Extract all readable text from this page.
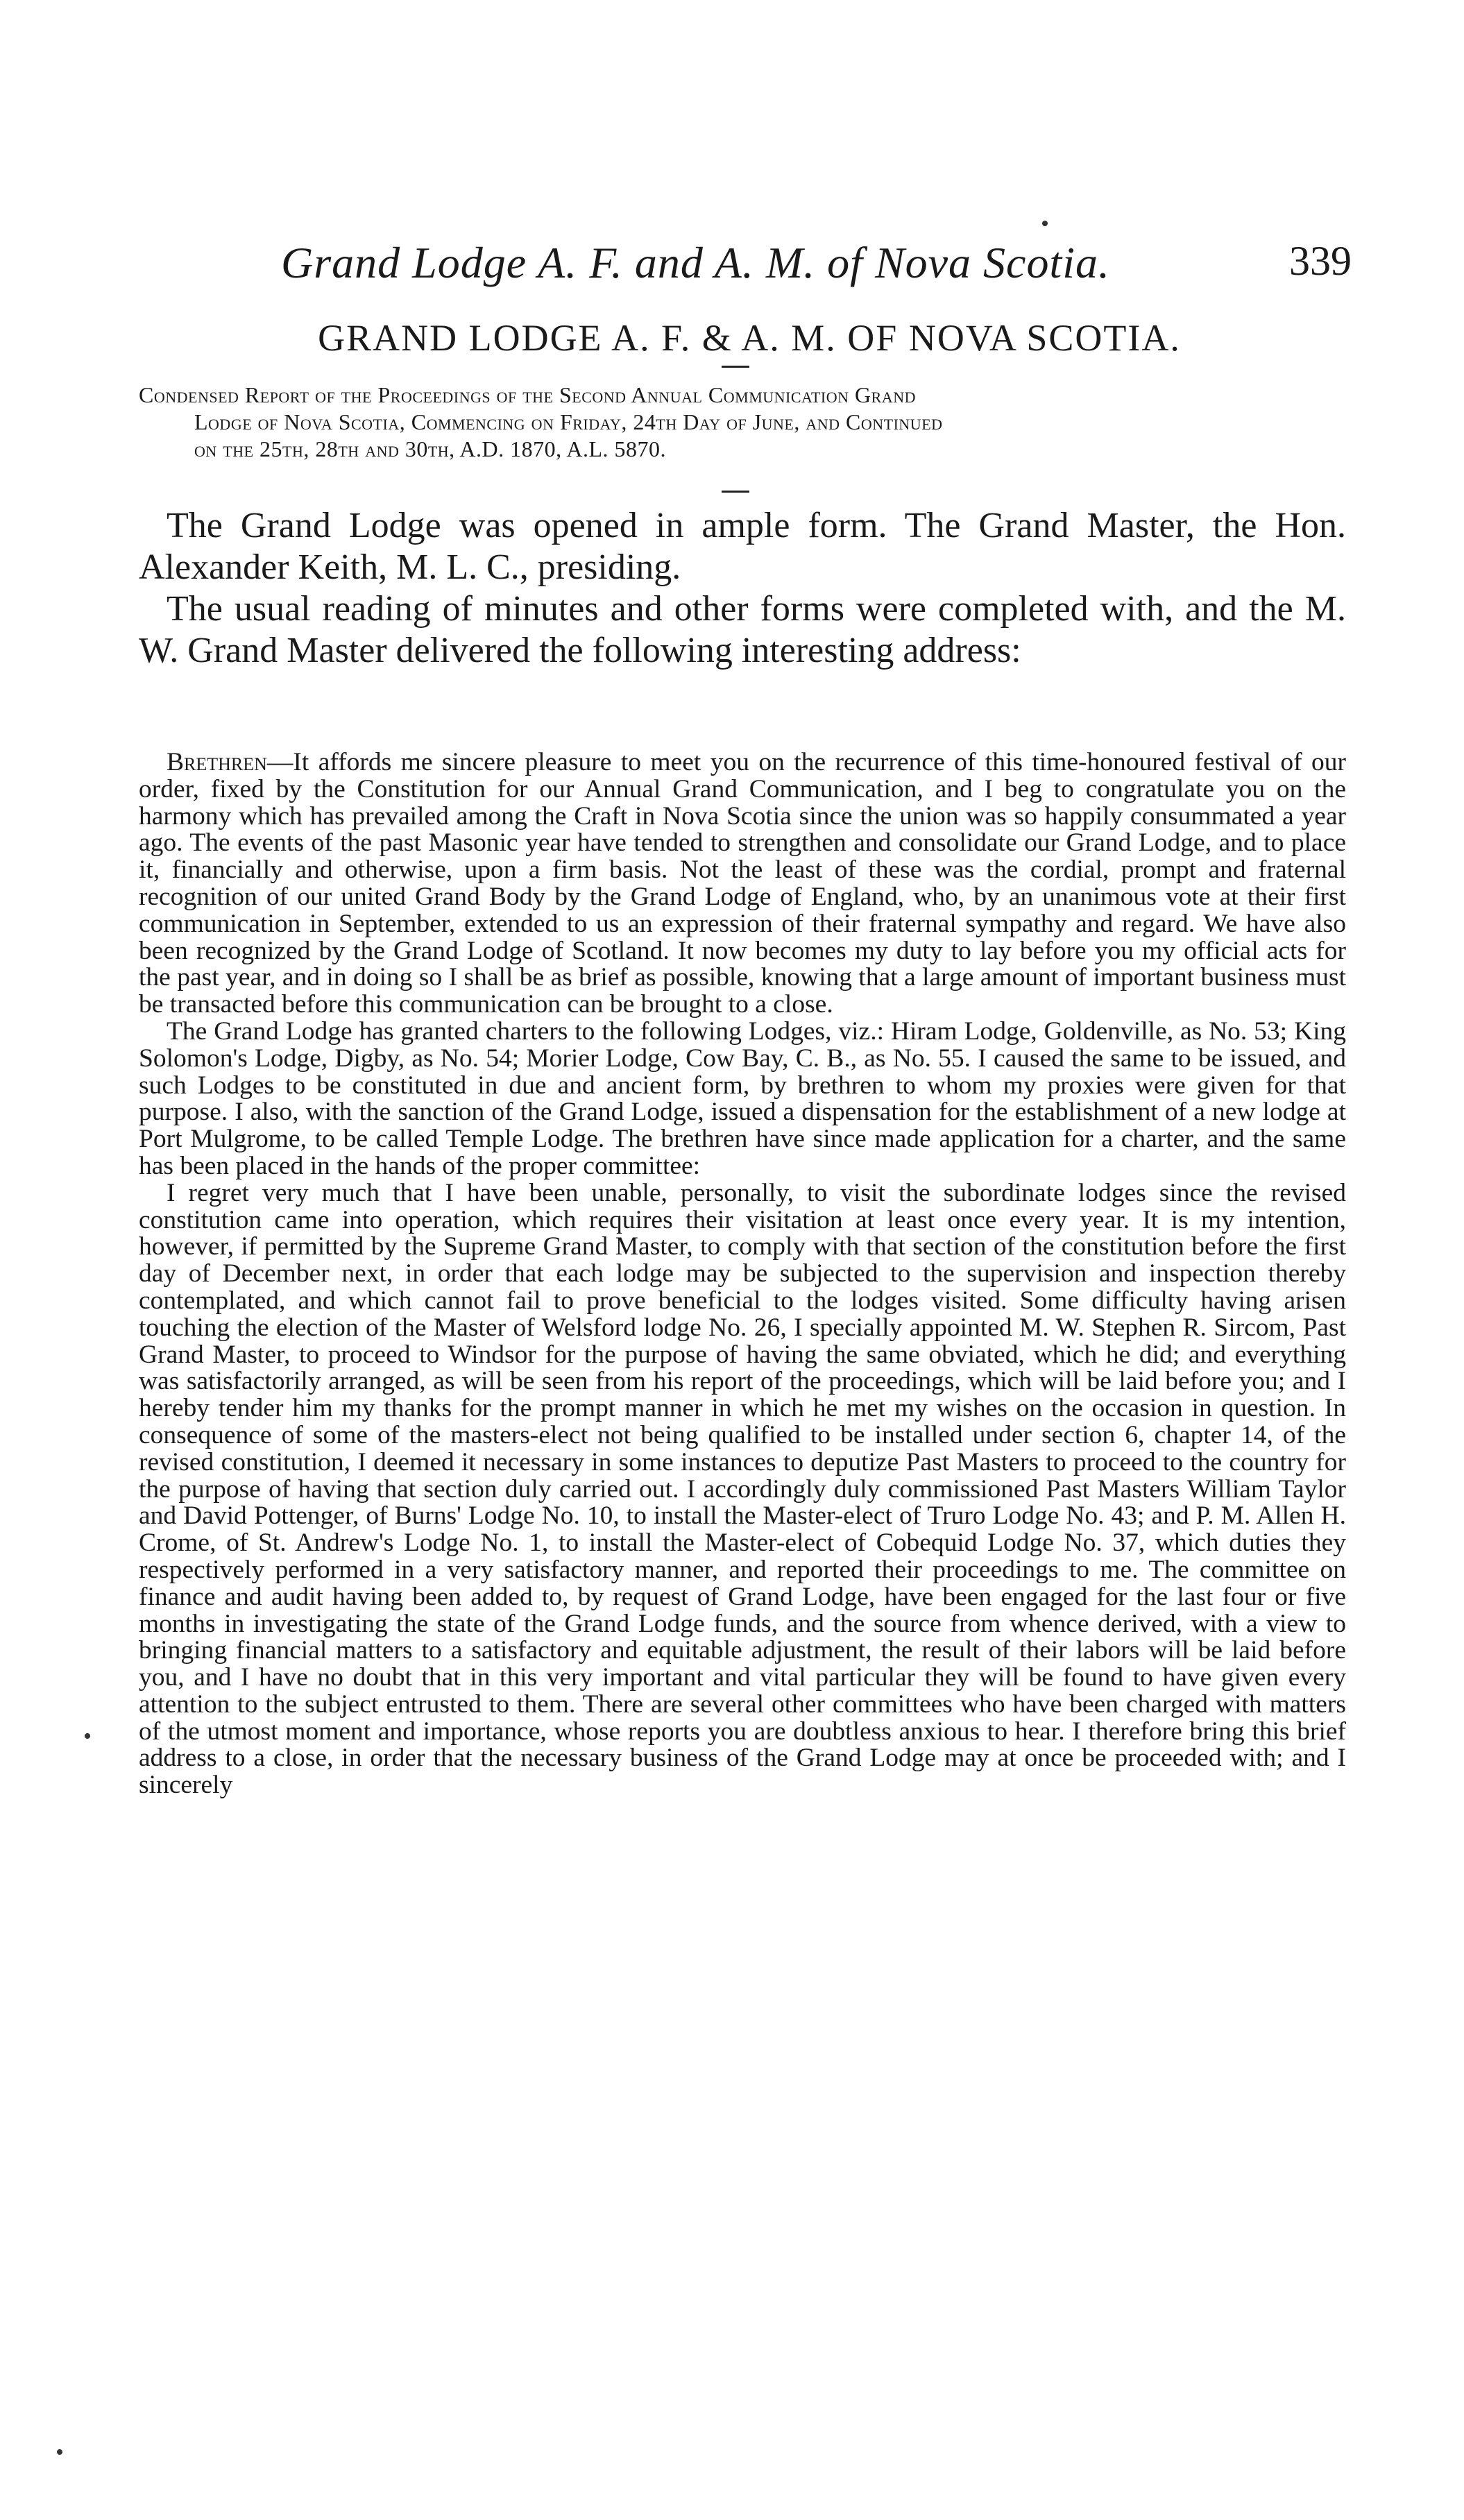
Grand Lodge A. F. and A. M. of Nova Scotia.	339
GRAND LODGE A. F. & A. M. OF NOVA SCOTIA.
Condensed Report of the Proceedings of the Second Annual Communication Grand
Lodge of Nova Scotia, Commencing on Friday, 24th Day of June, and Continued
on the 25th, 28th and 30th, A.D. 1870, A.L. 5870.

The Grand Lodge was opened in ample form. The Grand Master, the Hon. Alexander Keith, M. L. C., presiding.

The usual reading of minutes and other forms were completed with, and the M. W. Grand Master delivered the following interesting address:

Brethren—It affords me sincere pleasure to meet you on the recurrence of this time-honoured festival of our order, fixed by the Constitution for our Annual Grand Communication, and I beg to congratulate you on the harmony which has prevailed among the Craft in Nova Scotia since the union was so happily consummated a year ago. The events of the past Masonic year have tended to strengthen and consolidate our Grand Lodge, and to place it, financially and otherwise, upon a firm basis. Not the least of these was the cordial, prompt and fraternal recognition of our united Grand Body by the Grand Lodge of England, who, by an unanimous vote at their first communication in September, extended to us an expression of their fraternal sympathy and regard. We have also been recognized by the Grand Lodge of Scotland. It now becomes my duty to lay before you my official acts for the past year, and in doing so I shall be as brief as possible, knowing that a large amount of important business must be transacted before this communication can be brought to a close.

The Grand Lodge has granted charters to the following Lodges, viz.: Hiram Lodge, Goldenville, as No. 53; King Solomon's Lodge, Digby, as No. 54; Morier Lodge, Cow Bay, C. B., as No. 55. I caused the same to be issued, and such Lodges to be constituted in due and ancient form, by brethren to whom my proxies were given for that purpose. I also, with the sanction of the Grand Lodge, issued a dispensation for the establishment of a new lodge at Port Mulgrome, to be called Temple Lodge. The brethren have since made application for a charter, and the same has been placed in the hands of the proper committee:

I regret very much that I have been unable, personally, to visit the subordinate lodges since the revised constitution came into operation, which requires their visitation at least once every year. It is my intention, however, if permitted by the Supreme Grand Master, to comply with that section of the constitution before the first day of December next, in order that each lodge may be subjected to the supervision and inspection thereby contemplated, and which cannot fail to prove beneficial to the lodges visited. Some difficulty having arisen touching the election of the Master of Welsford lodge No. 26, I specially appointed M. W. Stephen R. Sircom, Past Grand Master, to proceed to Windsor for the purpose of having the same obviated, which he did; and everything was satisfactorily arranged, as will be seen from his report of the proceedings, which will be laid before you; and I hereby tender him my thanks for the prompt manner in which he met my wishes on the occasion in question. In consequence of some of the masters-elect not being qualified to be installed under section 6, chapter 14, of the revised constitution, I deemed it necessary in some instances to deputize Past Masters to proceed to the country for the purpose of having that section duly carried out. I accordingly duly commissioned Past Masters William Taylor and David Pottenger, of Burns' Lodge No. 10, to install the Master-elect of Truro Lodge No. 43; and P. M. Allen H. Crome, of St. Andrew's Lodge No. 1, to install the Master-elect of Cobequid Lodge No. 37, which duties they respectively performed in a very satisfactory manner, and reported their proceedings to me. The committee on finance and audit having been added to, by request of Grand Lodge, have been engaged for the last four or five months in investigating the state of the Grand Lodge funds, and the source from whence derived, with a view to bringing financial matters to a satisfactory and equitable adjustment, the result of their labors will be laid before you, and I have no doubt that in this very important and vital particular they will be found to have given every attention to the subject entrusted to them. There are several other committees who have been charged with matters of the utmost moment and importance, whose reports you are doubtless anxious to hear. I therefore bring this brief address to a close, in order that the necessary business of the Grand Lodge may at once be proceeded with; and I sincerely
